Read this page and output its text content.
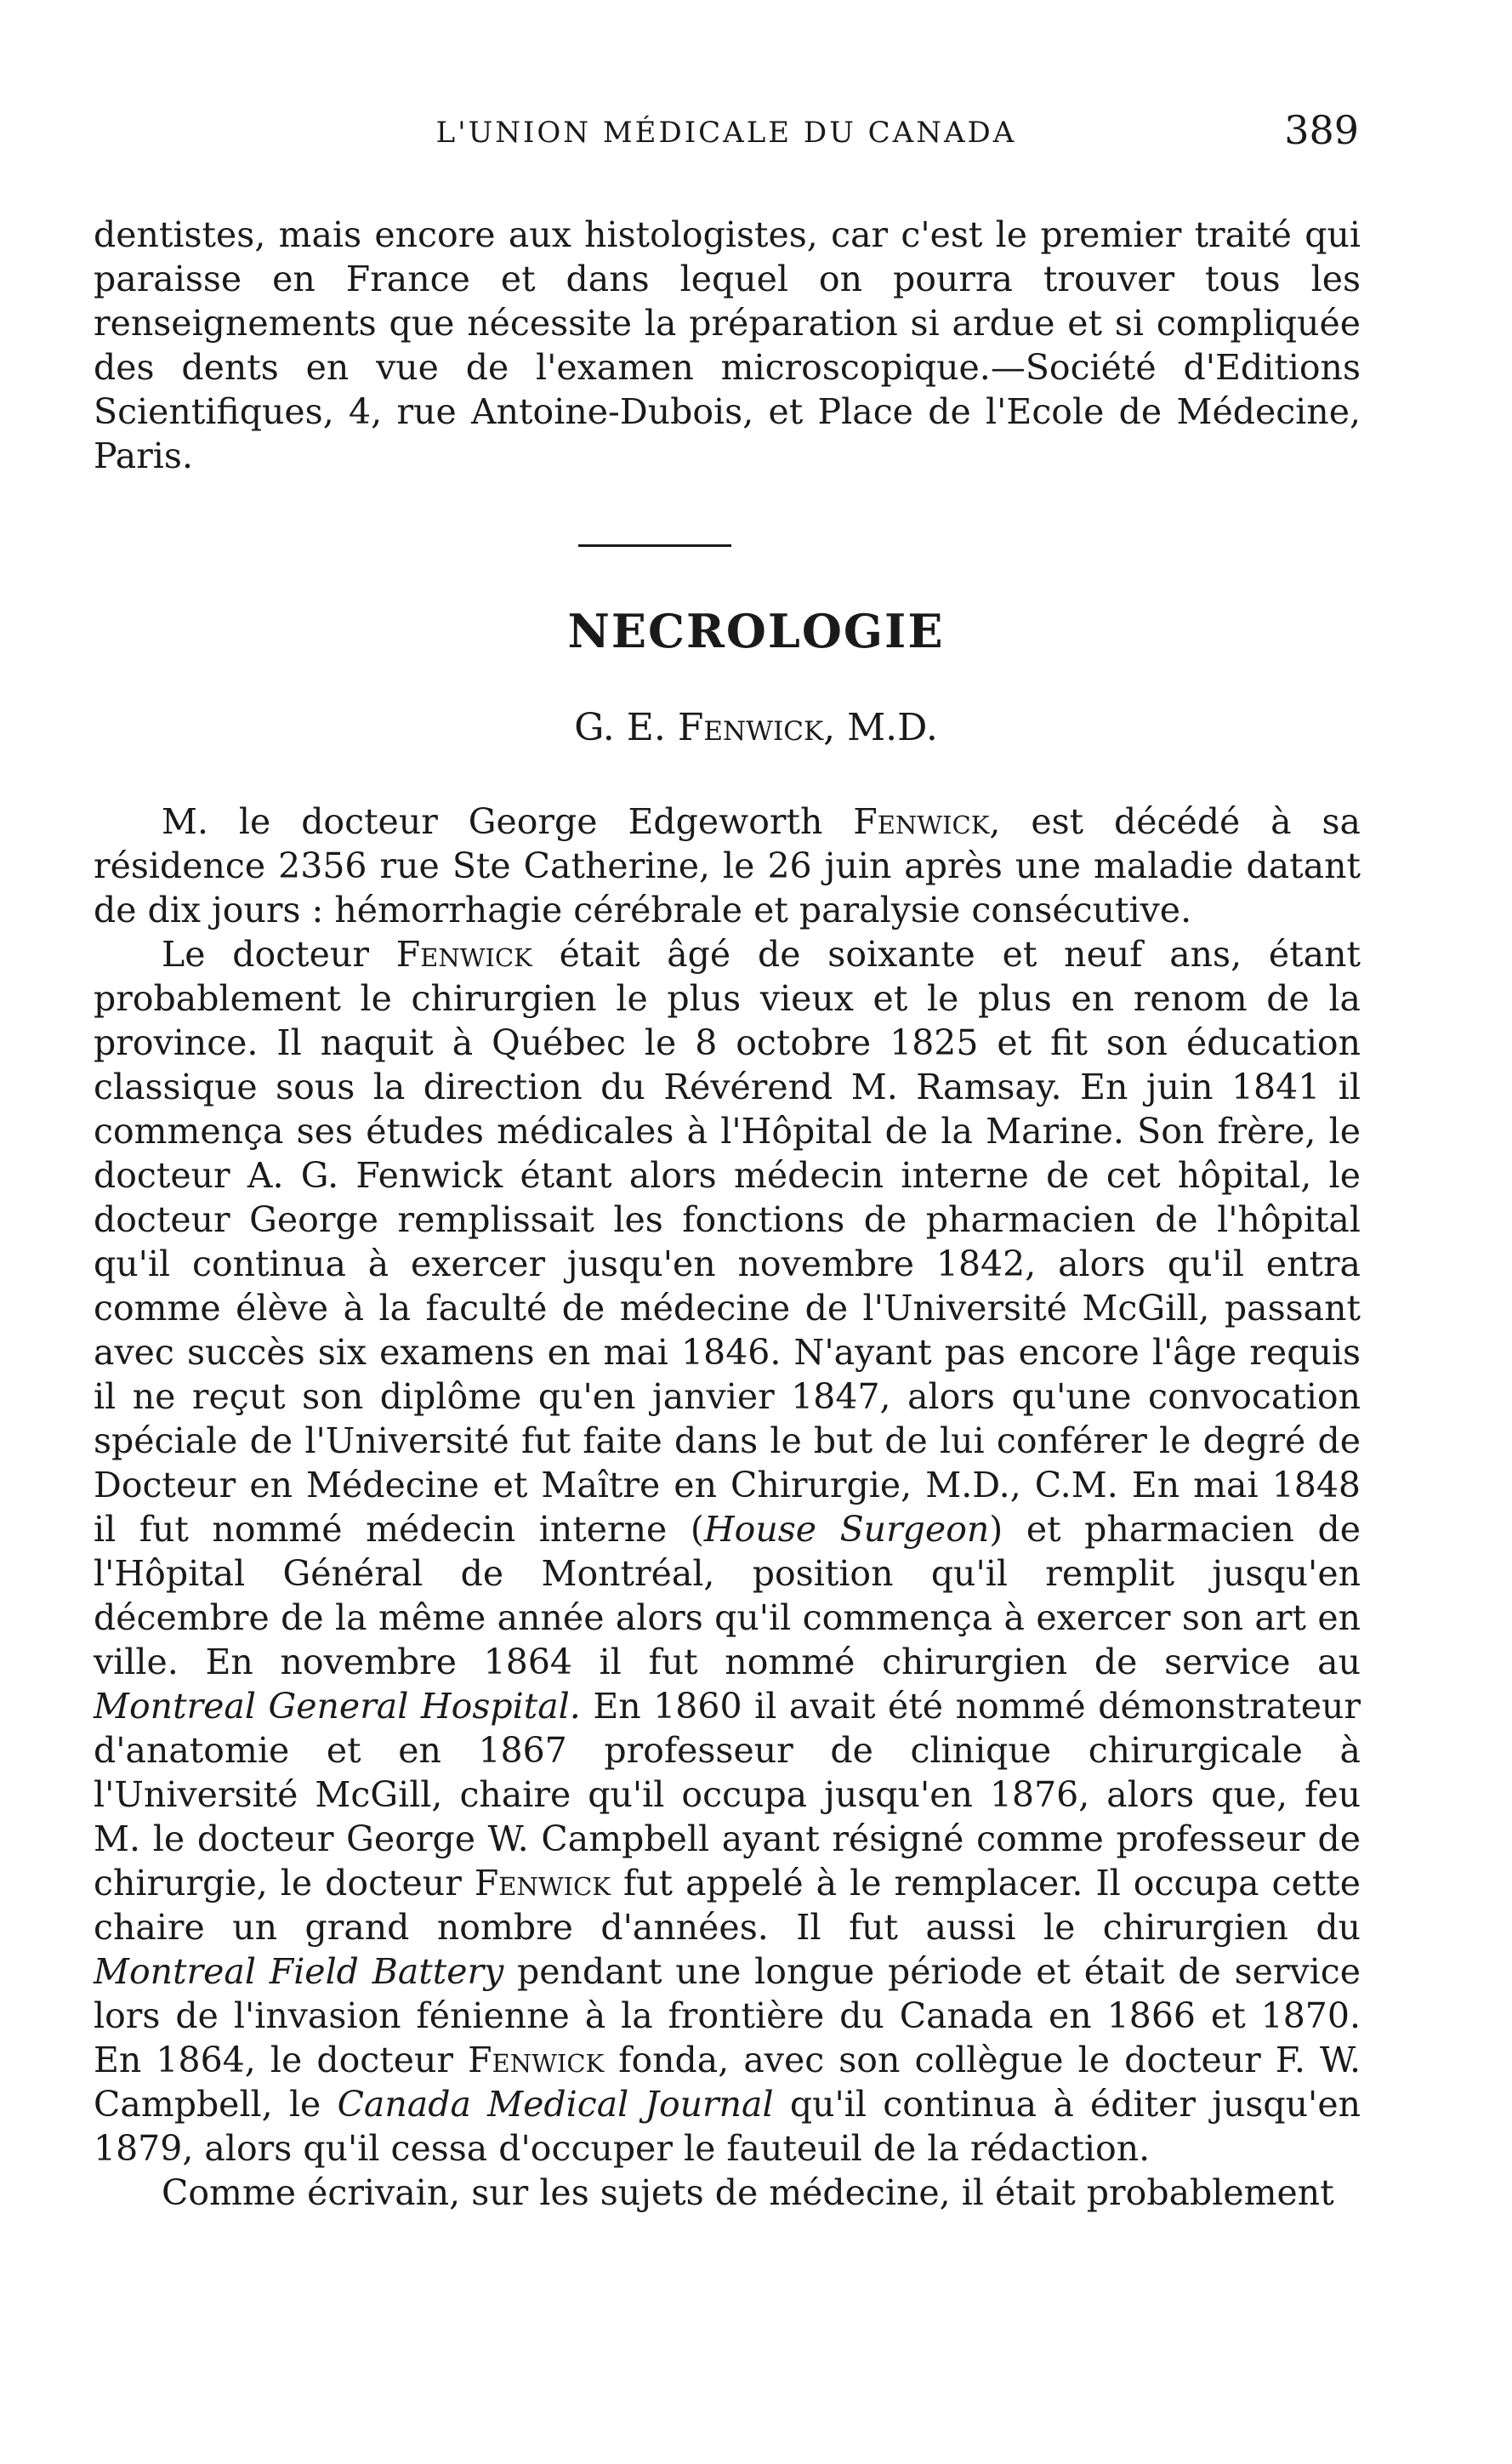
L'UNION MÉDICALE DU CANADA	389

dentistes, mais encore aux histologistes, car c'est le premier traité qui paraisse en France et dans lequel on pourra trouver tous les renseignements que nécessite la préparation si ardue et si compliquée des dents en vue de l'examen microscopique.—Société d'Editions Scientifiques, 4, rue Antoine-Dubois, et Place de l'Ecole de Médecine, Paris.

NECROLOGIE
G. E. Fenwick, M.D.

M. le docteur George Edgeworth Fenwick, est décédé à sa résidence 2356 rue Ste Catherine, le 26 juin après une maladie datant de dix jours : hémorrhagie cérébrale et paralysie consécutive.

Le docteur Fenwick était âgé de soixante et neuf ans, étant probablement le chirurgien le plus vieux et le plus en renom de la province. Il naquit à Québec le 8 octobre 1825 et fit son éducation classique sous la direction du Révérend M. Ramsay. En juin 1841 il commença ses études médicales à l'Hôpital de la Marine. Son frère, le docteur A. G. Fenwick étant alors médecin interne de cet hôpital, le docteur George remplissait les fonctions de pharmacien de l'hôpital qu'il continua à exercer jusqu'en novembre 1842, alors qu'il entra comme élève à la faculté de médecine de l'Université McGill, passant avec succès six examens en mai 1846. N'ayant pas encore l'âge requis il ne reçut son diplôme qu'en janvier 1847, alors qu'une convocation spéciale de l'Université fut faite dans le but de lui conférer le degré de Docteur en Médecine et Maître en Chirurgie, M.D., C.M. En mai 1848 il fut nommé médecin interne (House Surgeon) et pharmacien de l'Hôpital Général de Montréal, position qu'il remplit jusqu'en décembre de la même année alors qu'il commença à exercer son art en ville. En novembre 1864 il fut nommé chirurgien de service au Montreal General Hospital. En 1860 il avait été nommé démonstrateur d'anatomie et en 1867 professeur de clinique chirurgicale à l'Université McGill, chaire qu'il occupa jusqu'en 1876, alors que, feu M. le docteur George W. Campbell ayant résigné comme professeur de chirurgie, le docteur Fenwick fut appelé à le remplacer. Il occupa cette chaire un grand nombre d'années. Il fut aussi le chirurgien du Montreal Field Battery pendant une longue période et était de service lors de l'invasion fénienne à la frontière du Canada en 1866 et 1870. En 1864, le docteur Fenwick fonda, avec son collègue le docteur F. W. Campbell, le Canada Medical Journal qu'il continua à éditer jusqu'en 1879, alors qu'il cessa d'occuper le fauteuil de la rédaction.

Comme écrivain, sur les sujets de médecine, il était probablement
